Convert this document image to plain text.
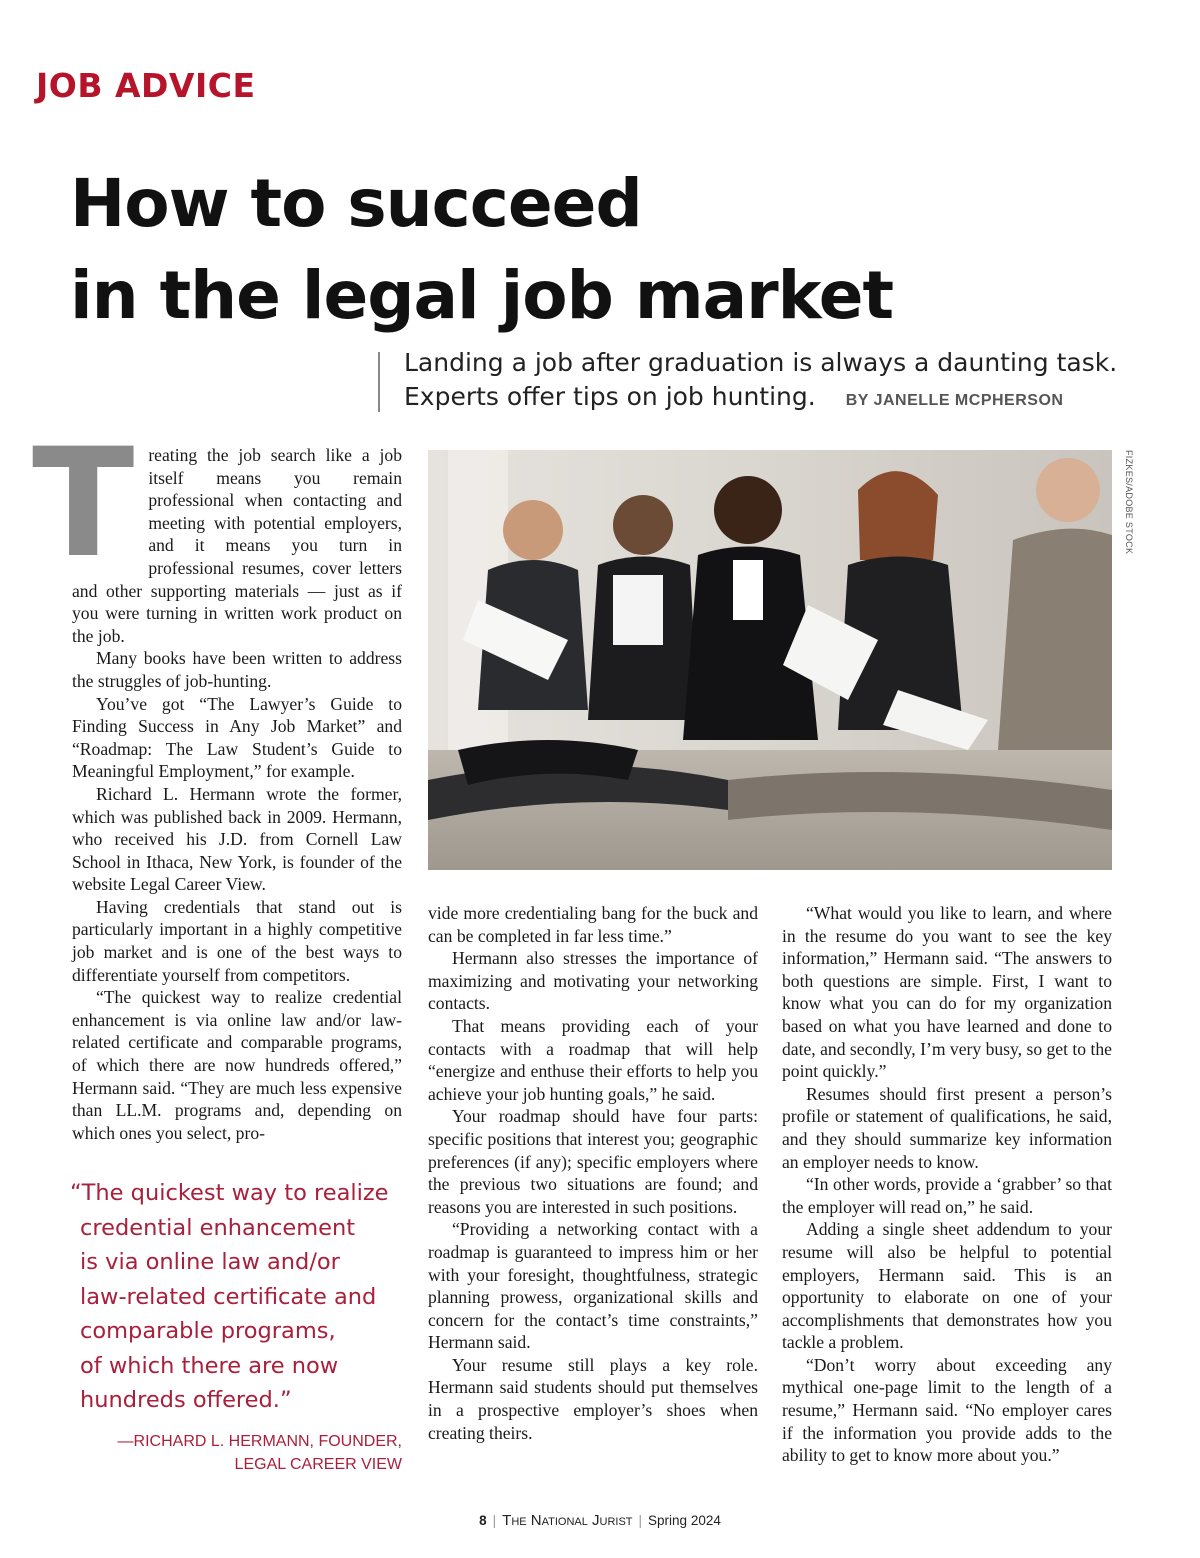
JOB ADVICE
How to succeed
in the legal job market
Landing a job after graduation is always a daunting task.
Experts offer tips on job hunting. BY JANELLE MCPHERSON
FIZKES/ADOBE STOCK
T reating the job search like a job itself means you remain professional when contacting and meeting with potential employers, and it means you turn in professional resumes, cover letters and other supporting materials — just as if you were turning in written work product on the job.

Many books have been written to address the struggles of job-hunting.

You’ve got “The Lawyer’s Guide to Finding Success in Any Job Market” and “Roadmap: The Law Student’s Guide to Meaningful Employment,” for example.

Richard L. Hermann wrote the former, which was published back in 2009. Hermann, who received his J.D. from Cornell Law School in Ithaca, New York, is founder of the website Legal Career View.

Having credentials that stand out is particularly important in a highly competitive job market and is one of the best ways to differentiate yourself from competitors.

“The quickest way to realize credential enhancement is via online law and/or law-related certificate and comparable programs, of which there are now hundreds offered,” Hermann said. “They are much less expensive than LL.M. programs and, depending on which ones you select, pro-

“The quickest way to realize
credential enhancement
is via online law and/or
law-related certificate and
comparable programs,
of which there are now
hundreds offered.”
—RICHARD L. HERMANN, FOUNDER,
LEGAL CAREER VIEW

vide more credentialing bang for the buck and can be completed in far less time.”

Hermann also stresses the importance of maximizing and motivating your networking contacts.

That means providing each of your contacts with a roadmap that will help “energize and enthuse their efforts to help you achieve your job hunting goals,” he said.

Your roadmap should have four parts: specific positions that interest you; geographic preferences (if any); specific employers where the previous two situations are found; and reasons you are interested in such positions.

“Providing a networking contact with a roadmap is guaranteed to impress him or her with your foresight, thoughtfulness, strategic planning prowess, organizational skills and concern for the contact’s time constraints,” Hermann said.

Your resume still plays a key role. Hermann said students should put themselves in a prospective employer’s shoes when creating theirs.

“What would you like to learn, and where in the resume do you want to see the key information,” Hermann said. “The answers to both questions are simple. First, I want to know what you can do for my organization based on what you have learned and done to date, and secondly, I’m very busy, so get to the point quickly.”

Resumes should first present a person’s profile or statement of qualifications, he said, and they should summarize key information an employer needs to know.

“In other words, provide a ‘grabber’ so that the employer will read on,” he said.

Adding a single sheet addendum to your resume will also be helpful to potential employers, Hermann said. This is an opportunity to elaborate on one of your accomplishments that demonstrates how you tackle a problem.

“Don’t worry about exceeding any mythical one-page limit to the length of a resume,” Hermann said. “No employer cares if the information you provide adds to the ability to get to know more about you.”

8 | The National Jurist | Spring 2024
